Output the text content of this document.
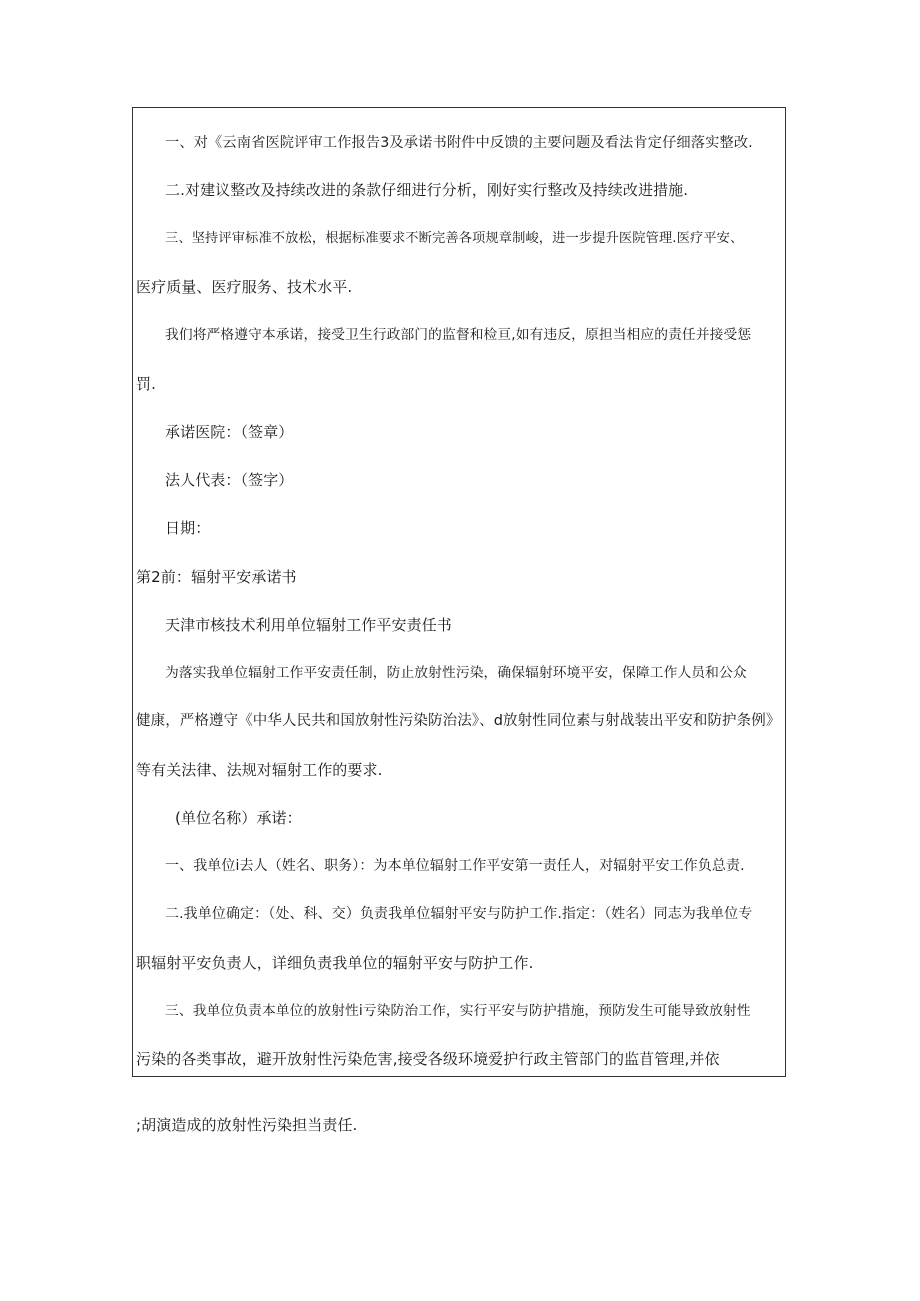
一、对《云南省医院评审工作报告3及承诺书附件中反馈的主要问题及看法肯定仔细落实整改.
二.对建议整改及持续改进的条款仔细进行分析，刚好实行整改及持续改进措施.
三、坚持评审标准不放松，根据标准要求不断完善各项规章制峻，进一步提升医院管理.医疗平安、
医疗质量、医疗服务、技术水平.
我们将严格遵守本承诺，接受卫生行政部门的监督和检亘,如有违反，原担当相应的责任并接受惩
罚.
承诺医院：（签章）
法人代表：（签字）
日期：
第2前：辐射平安承诺书
天津市核技术利用单位辐射工作平安责任书
为落实我单位辐射工作平安责任制，防止放射性污染，确保辐射环境平安，保障工作人员和公众
健康，严格遵守《中华人民共和国放射性污染防治法》、d放射性同位素与射战装出平安和防护条例》
等有关法律、法规对辐射工作的要求.
(单位名称）承诺：
一、我单位i去人（姓名、职务）：为本单位辐射工作平安第一责任人，对辐射平安工作负总责.
二.我单位确定：（处、科、交）负责我单位辐射平安与防护工作.指定：（姓名）同志为我单位专
职辐射平安负责人，详细负责我单位的辐射平安与防护工作.
三、我单位负责本单位的放射性i亏染防治工作，实行平安与防护措施，预防发生可能导致放射性
污染的各类事故，避开放射性污染危害,接受各级环境爱护行政主管部门的监苜管理,并依
;胡演造成的放射性污染担当责任.
